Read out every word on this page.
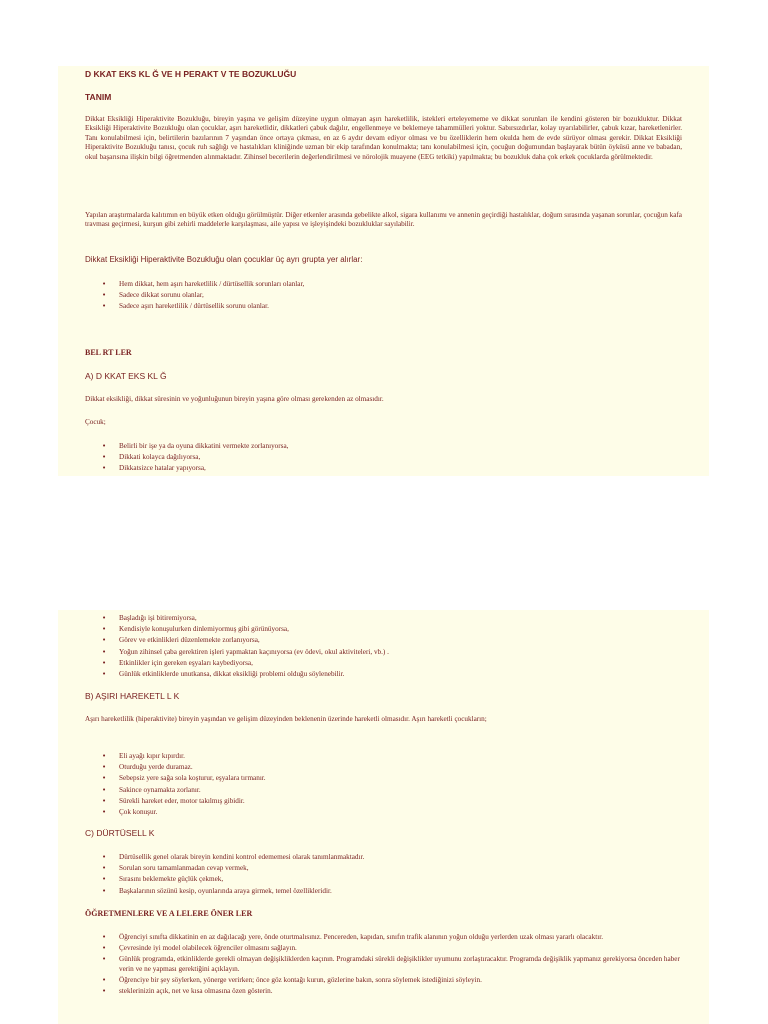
D KKAT EKS KL Ğ VE H PERAKT V TE BOZUKLUĞU

TANIM

Dikkat Eksikliği Hiperaktivite Bozukluğu, bireyin yaşına ve gelişim düzeyine uygun olmayan aşırı hareketlilik, istekleri erteleyememe ve dikkat sorunları ile kendini gösteren bir bozukluktur. Dikkat Eksikliği Hiperaktivite Bozukluğu olan çocuklar, aşırı hareketlidir, dikkatleri çabuk dağılır, engellenmeye ve beklemeye tahammülleri yoktur. Sabırsızdırlar, kolay uyarılabilirler, çabuk kızar, hareketlenirler. Tanı konulabilmesi için, belirtilerin bazılarının 7 yaşından önce ortaya çıkması, en az 6 aydır devam ediyor olması ve bu özelliklerin hem okulda hem de evde sürüyor olması gerekir. Dikkat Eksikliği Hiperaktivite Bozukluğu tanısı, çocuk ruh sağlığı ve hastalıkları kliniğinde uzman bir ekip tarafından konulmakta; tanı konulabilmesi için, çocuğun doğumundan başlayarak bütün öyküsü anne ve babadan, okul başarısına ilişkin bilgi öğretmenden alınmaktadır. Zihinsel becerilerin değerlendirilmesi ve nörolojik muayene (EEG tetkiki) yapılmakta; bu bozukluk daha çok erkek çocuklarda görülmektedir.

Yapılan araştırmalarda kalıtımın en büyük etken olduğu görülmüştür. Diğer etkenler arasında gebelikte alkol, sigara kullanımı ve annenin geçirdiği hastalıklar, doğum sırasında yaşanan sorunlar, çocuğun kafa travması geçirmesi, kurşun gibi zehirli maddelerle karşılaşması, aile yapısı ve işleyişindeki bozukluklar sayılabilir.

Dikkat Eksikliği Hiperaktivite Bozukluğu olan çocuklar üç ayrı grupta yer alırlar:

• Hem dikkat, hem aşırı hareketlilik / dürtüsellik sorunları olanlar,
• Sadece dikkat sorunu olanlar,
• Sadece aşırı hareketlilik / dürtüsellik sorunu olanlar.

BEL RT LER

A) D KKAT EKS KL Ğ

Dikkat eksikliği, dikkat süresinin ve yoğunluğunun bireyin yaşına göre olması gerekenden az olmasıdır.

Çocuk;

• Belirli bir işe ya da oyuna dikkatini vermekte zorlanıyorsa,
• Dikkati kolayca dağılıyorsa,
• Dikkatsizce hatalar yapıyorsa,
• Başladığı işi bitiremiyorsa,
• Kendisiyle konuşulurken dinlemiyormuş gibi görünüyorsa,
• Görev ve etkinlikleri düzenlemekte zorlanıyorsa,
• Yoğun zihinsel çaba gerektiren işleri yapmaktan kaçınıyorsa (ev ödevi, okul aktiviteleri, vb.) .
• Etkinlikler için gereken eşyaları kaybediyorsa,
• Günlük etkinliklerde unutkansa, dikkat eksikliği problemi olduğu söylenebilir.

B) AŞIRI HAREKETL L K

Aşırı hareketlilik (hiperaktivite) bireyin yaşından ve gelişim düzeyinden beklenenin üzerinde hareketli olmasıdır. Aşırı hareketli çocukların;

• Eli ayağı kıpır kıpırdır.
• Oturduğu yerde duramaz.
• Sebepsiz yere sağa sola koşturur, eşyalara tırmanır.
• Sakince oynamakta zorlanır.
• Sürekli hareket eder, motor takılmış gibidir.
• Çok konuşur.

C) DÜRTÜSELL K

• Dürtüsellik genel olarak bireyin kendini kontrol edememesi olarak tanımlanmaktadır.
• Sorulan soru tamamlanmadan cevap vermek,
• Sırasını beklemekte güçlük çekmek,
• Başkalarının sözünü kesip, oyunlarında araya girmek, temel özellikleridir.

ÖĞRETMENLERE VE A LELERE ÖNER LER

• Öğrenciyi sınıfta dikkatinin en az dağılacağı yere, önde oturtmalısınız. Pencereden, kapıdan, sınıfın trafik alanının yoğun olduğu yerlerden uzak olması yararlı olacaktır.
• Çevresinde iyi model olabilecek öğrenciler olmasını sağlayın.
• Günlük programda, etkinliklerde gerekli olmayan değişikliklerden kaçının. Programdaki sürekli değişiklikler uyumunu zorlaştıracaktır. Programda değişiklik yapmanız gerekiyorsa önceden haber verin ve ne yapması gerektiğini açıklayın.
• Öğrenciye bir şey söylerken, yönerge verirken; önce göz kontağı kurun, gözlerine bakın, sonra söylemek istediğinizi söyleyin.
• steklerinizin açık, net ve kısa olmasına özen gösterin.
